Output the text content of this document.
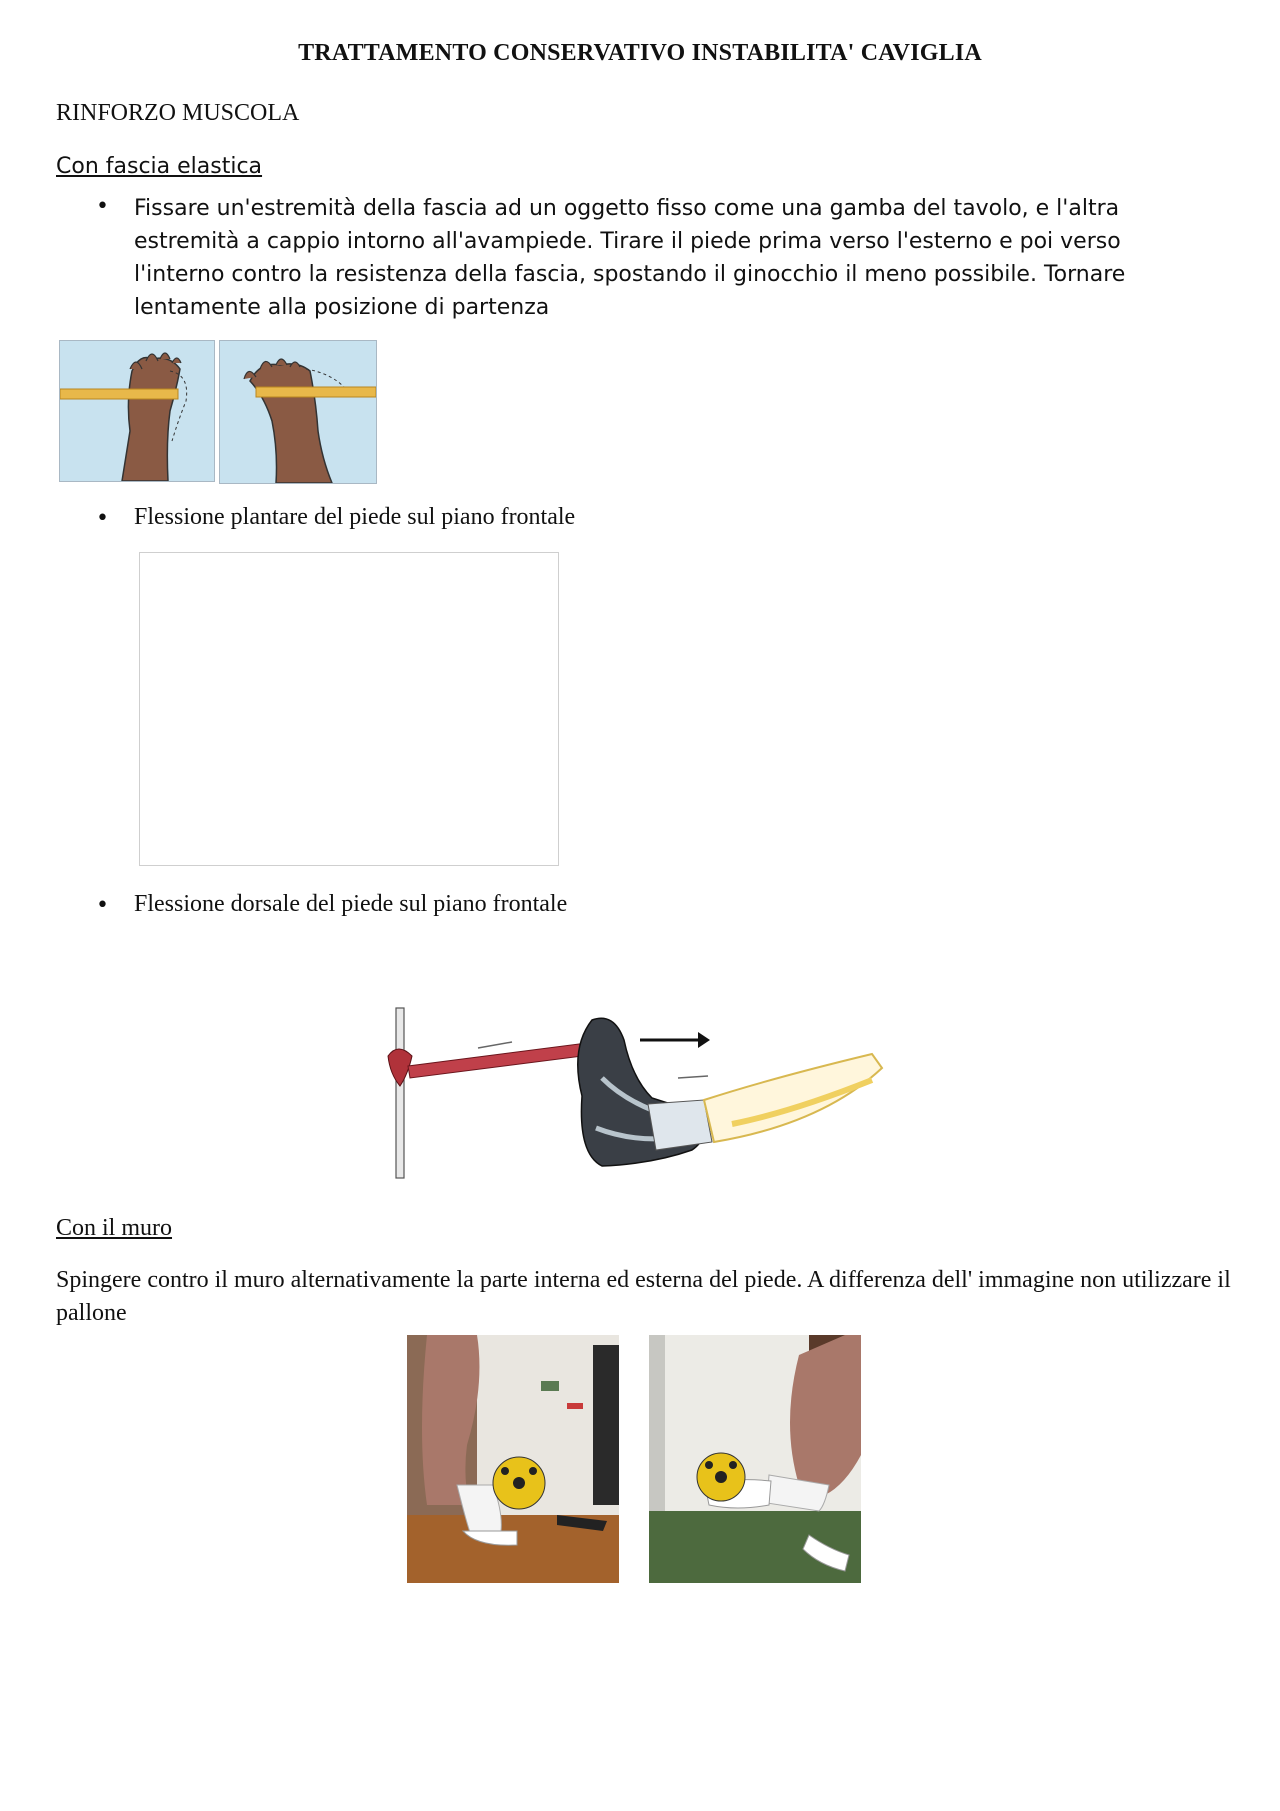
TRATTAMENTO CONSERVATIVO INSTABILITA' CAVIGLIA
RINFORZO MUSCOLA
Con fascia elastica
• Fissare un'estremità della fascia ad un oggetto fisso come una gamba del tavolo, e l'altra estremità a cappio intorno all'avampiede. Tirare il piede prima verso l'esterno e poi verso l'interno contro la resistenza della fascia, spostando il ginocchio il meno possibile. Tornare lentamente alla posizione di partenza
• Flessione plantare del piede sul piano frontale
• Flessione dorsale del piede sul piano frontale
Con il muro
Spingere contro il muro alternativamente la parte interna ed esterna del piede. A differenza dell' immagine non utilizzare il pallone
